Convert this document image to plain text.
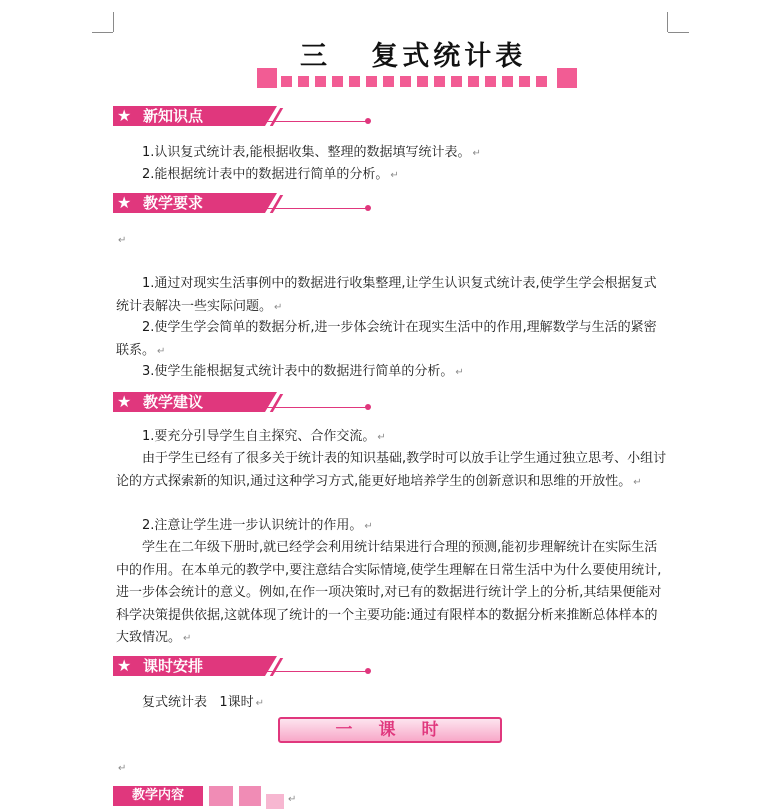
三   复式统计表
★ 新知识点
1.认识复式统计表,能根据收集、整理的数据填写统计表。 ↵
2.能根据统计表中的数据进行简单的分析。 ↵
★ 教学要求
↵
1.通过对现实生活事例中的数据进行收集整理,让学生认识复式统计表,使学生学会根据复式统计表解决一些实际问题。 ↵
2.使学生学会简单的数据分析,进一步体会统计在现实生活中的作用,理解数学与生活的紧密联系。 ↵
3.使学生能根据复式统计表中的数据进行简单的分析。 ↵
★ 教学建议
1.要充分引导学生自主探究、合作交流。 ↵
由于学生已经有了很多关于统计表的知识基础,教学时可以放手让学生通过独立思考、小组讨论的方式探索新的知识,通过这种学习方式,能更好地培养学生的创新意识和思维的开放性。 ↵
2.注意让学生进一步认识统计的作用。 ↵
学生在二年级下册时,就已经学会利用统计结果进行合理的预测,能初步理解统计在实际生活中的作用。在本单元的教学中,要注意结合实际情境,使学生理解在日常生活中为什么要使用统计,进一步体会统计的意义。例如,在作一项决策时,对已有的数据进行统计学上的分析,其结果便能对科学决策提供依据,这就体现了统计的一个主要功能:通过有限样本的数据分析来推断总体样本的大致情况。 ↵
★ 课时安排
复式统计表   1课时 ↵
一课时
↵
教学内容	↵
